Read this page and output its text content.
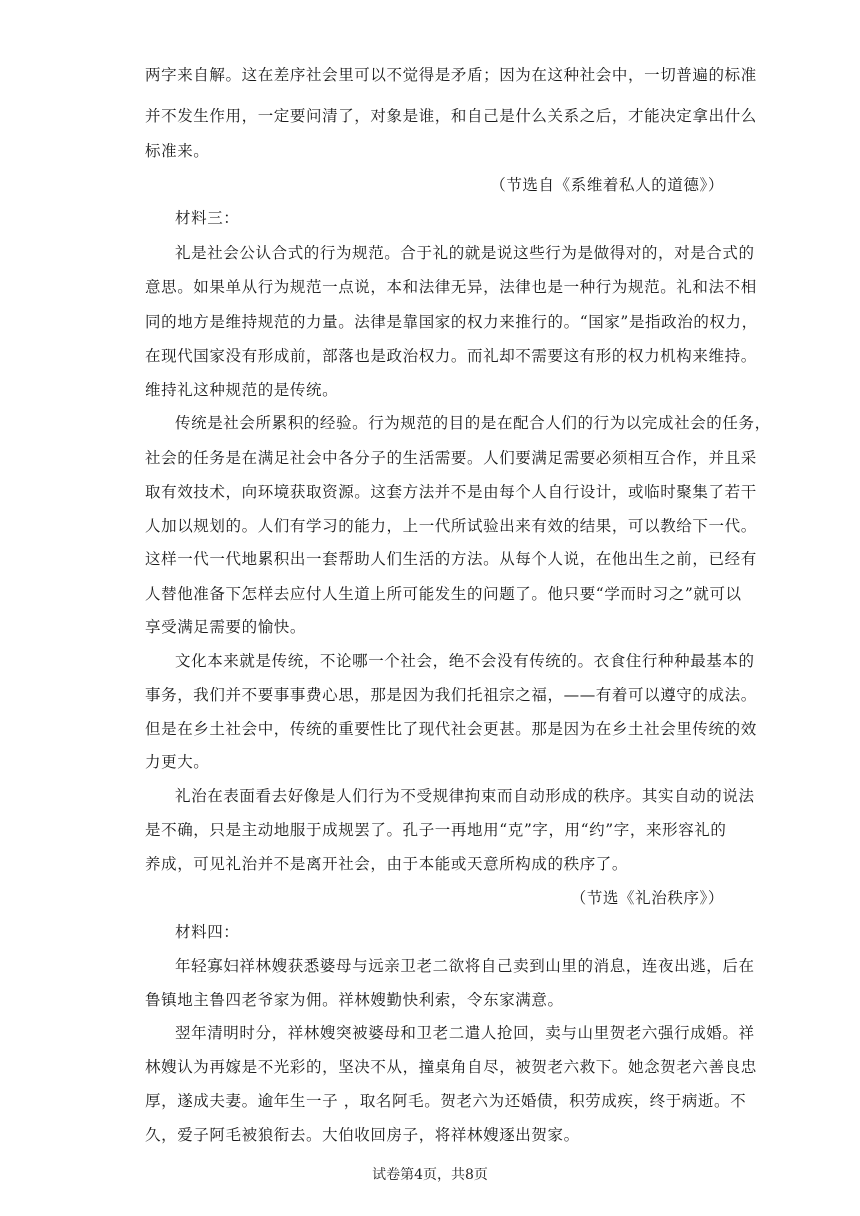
两字来自解。这在差序社会里可以不觉得是矛盾；因为在这种社会中，一切普遍的标准
并不发生作用，一定要问清了，对象是谁，和自己是什么关系之后，才能决定拿出什么
标准来。
（节选自《系维着私人的道德》）
材料三：
礼是社会公认合式的行为规范。合于礼的就是说这些行为是做得对的，对是合式的
意思。如果单从行为规范一点说，本和法律无异，法律也是一种行为规范。礼和法不相
同的地方是维持规范的力量。法律是靠国家的权力来推行的。“国家”是指政治的权力，
在现代国家没有形成前，部落也是政治权力。而礼却不需要这有形的权力机构来维持。
维持礼这种规范的是传统。
传统是社会所累积的经验。行为规范的目的是在配合人们的行为以完成社会的任务，
社会的任务是在满足社会中各分子的生活需要。人们要满足需要必须相互合作，并且采
取有效技术，向环境获取资源。这套方法并不是由每个人自行设计，或临时聚集了若干
人加以规划的。人们有学习的能力，上一代所试验出来有效的结果，可以教给下一代。
这样一代一代地累积出一套帮助人们生活的方法。从每个人说，在他出生之前，已经有
人替他准备下怎样去应付人生道上所可能发生的问题了。他只要“学而时习之”就可以
享受满足需要的愉快。
文化本来就是传统，不论哪一个社会，绝不会没有传统的。衣食住行种种最基本的
事务，我们并不要事事费心思，那是因为我们托祖宗之福，——有着可以遵守的成法。
但是在乡土社会中，传统的重要性比了现代社会更甚。那是因为在乡土社会里传统的效
力更大。
礼治在表面看去好像是人们行为不受规律拘束而自动形成的秩序。其实自动的说法
是不确，只是主动地服于成规罢了。孔子一再地用“克”字，用“约”字，来形容礼的
养成，可见礼治并不是离开社会，由于本能或天意所构成的秩序了。
（节选《礼治秩序》）
材料四：
年轻寡妇祥林嫂获悉婆母与远亲卫老二欲将自己卖到山里的消息，连夜出逃，后在
鲁镇地主鲁四老爷家为佣。祥林嫂勤快利索，令东家满意。
翌年清明时分，祥林嫂突被婆母和卫老二遣人抢回，卖与山里贺老六强行成婚。祥
林嫂认为再嫁是不光彩的，坚决不从，撞桌角自尽，被贺老六救下。她念贺老六善良忠
厚，遂成夫妻。逾年生一子 ，取名阿毛。贺老六为还婚债，积劳成疾，终于病逝。不
久，爱子阿毛被狼衔去。大伯收回房子，将祥林嫂逐出贺家。
试卷第4页，共8页
